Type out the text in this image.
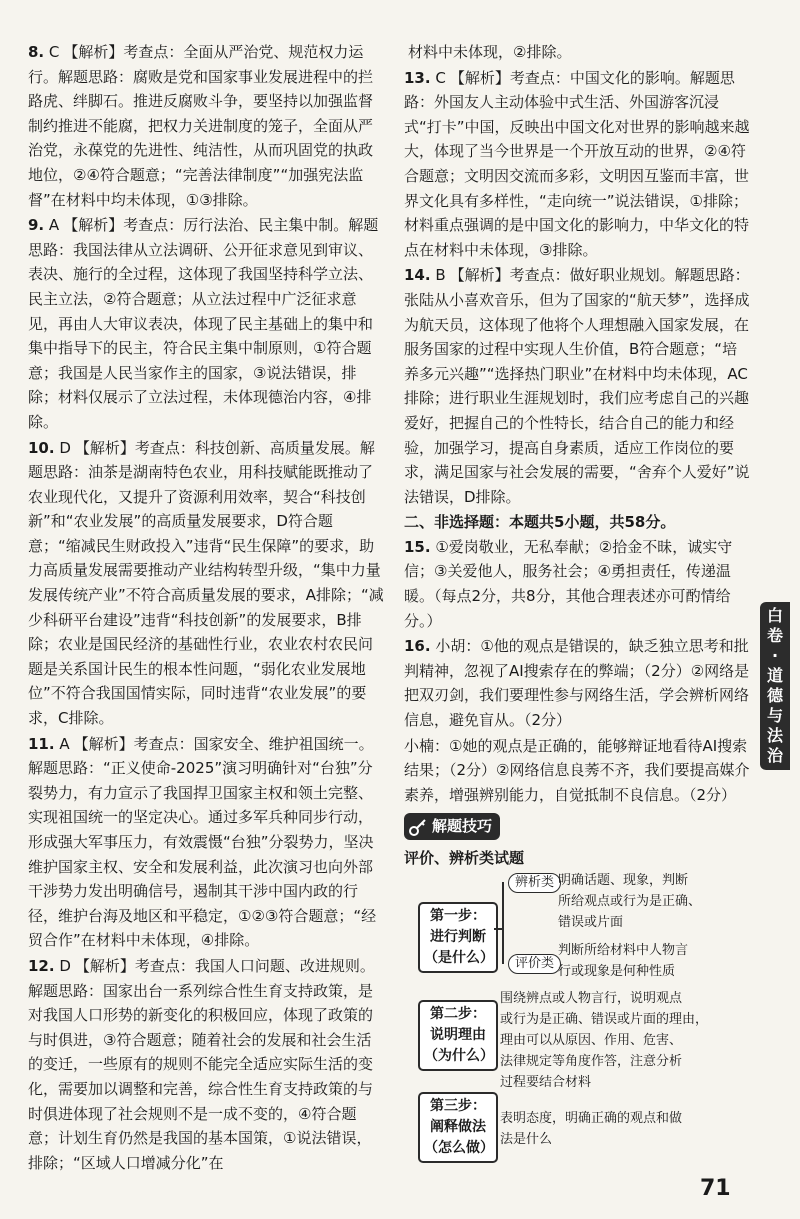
8. C 【解析】考查点：全面从严治党、规范权力运行。解题思路：腐败是党和国家事业发展进程中的拦路虎、绊脚石。推进反腐败斗争，要坚持以加强监督制约推进不能腐，把权力关进制度的笼子，全面从严治党，永葆党的先进性、纯洁性，从而巩固党的执政地位，②④符合题意；“完善法律制度”“加强宪法监督”在材料中均未体现，①③排除。
9. A 【解析】考查点：厉行法治、民主集中制。解题思路：我国法律从立法调研、公开征求意见到审议、表决、施行的全过程，这体现了我国坚持科学立法、民主立法，②符合题意；从立法过程中广泛征求意见，再由人大审议表决，体现了民主基础上的集中和集中指导下的民主，符合民主集中制原则，①符合题意；我国是人民当家作主的国家，③说法错误，排除；材料仅展示了立法过程，未体现德治内容，④排除。
10. D 【解析】考查点：科技创新、高质量发展。解题思路：油茶是湖南特色农业，用科技赋能既推动了农业现代化，又提升了资源利用效率，契合“科技创新”和“农业发展”的高质量发展要求，D符合题意；“缩减民生财政投入”违背“民生保障”的要求，助力高质量发展需要推动产业结构转型升级，“集中力量发展传统产业”不符合高质量发展的要求，A排除；“减少科研平台建设”违背“科技创新”的发展要求，B排除；农业是国民经济的基础性行业，农业农村农民问题是关系国计民生的根本性问题，“弱化农业发展地位”不符合我国国情实际，同时违背“农业发展”的要求，C排除。
11. A 【解析】考查点：国家安全、维护祖国统一。解题思路：“正义使命-2025”演习明确针对“台独”分裂势力，有力宣示了我国捍卫国家主权和领土完整、实现祖国统一的坚定决心。通过多军兵种同步行动，形成强大军事压力，有效震慑“台独”分裂势力，坚决维护国家主权、安全和发展利益，此次演习也向外部干涉势力发出明确信号，遏制其干涉中国内政的行径，维护台海及地区和平稳定，①②③符合题意；“经贸合作”在材料中未体现，④排除。
12. D 【解析】考查点：我国人口问题、改进规则。解题思路：国家出台一系列综合性生育支持政策，是对我国人口形势的新变化的积极回应，体现了政策的与时俱进，③符合题意；随着社会的发展和社会生活的变迁，一些原有的规则不能完全适应实际生活的变化，需要加以调整和完善，综合性生育支持政策的与时俱进体现了社会规则不是一成不变的，④符合题意；计划生育仍然是我国的基本国策，①说法错误，排除；“区域人口增减分化”在
材料中未体现，②排除。
13. C 【解析】考查点：中国文化的影响。解题思路：外国友人主动体验中式生活、外国游客沉浸式“打卡”中国，反映出中国文化对世界的影响越来越大，体现了当今世界是一个开放互动的世界，②④符合题意；文明因交流而多彩，文明因互鉴而丰富，世界文化具有多样性，“走向统一”说法错误，①排除；材料重点强调的是中国文化的影响力，中华文化的特点在材料中未体现，③排除。
14. B 【解析】考查点：做好职业规划。解题思路：张陆从小喜欢音乐，但为了国家的“航天梦”，选择成为航天员，这体现了他将个人理想融入国家发展，在服务国家的过程中实现人生价值，B符合题意；“培养多元兴趣”“选择热门职业”在材料中均未体现，AC排除；进行职业生涯规划时，我们应考虑自己的兴趣爱好，把握自己的个性特长，结合自己的能力和经验，加强学习，提高自身素质，适应工作岗位的要求，满足国家与社会发展的需要，“舍弃个人爱好”说法错误，D排除。
二、非选择题：本题共5小题，共58分。
15. ①爱岗敬业，无私奉献；②拾金不昧，诚实守信；③关爱他人，服务社会；④勇担责任，传递温暖。（每点2分，共8分，其他合理表述亦可酌情给分。）
16. 小胡：①他的观点是错误的，缺乏独立思考和批判精神，忽视了AI搜索存在的弊端；（2分）②网络是把双刃剑，我们要理性参与网络生活，学会辨析网络信息，避免盲从。（2分）
小楠：①她的观点是正确的，能够辩证地看待AI搜索结果；（2分）②网络信息良莠不齐，我们要提高媒介素养，增强辨别能力，自觉抵制不良信息。（2分）
解题技巧
评价、辨析类试题
第一步：
进行判断
（是什么）
辨析类 明确话题、现象，判断
所给观点或行为是正确、
错误或片面
评价类
判断所给材料中人物言
行或现象是何种性质
第二步：
说明理由
（为什么）
围绕辨点或人物言行，说明观点
或行为是正确、错误或片面的理由，
理由可以从原因、作用、危害、
法律规定等角度作答，注意分析
过程要结合材料
第三步：
阐释做法
（怎么做）
表明态度，明确正确的观点和做
法是什么
白
卷
·
道
德
与
法
治
71
